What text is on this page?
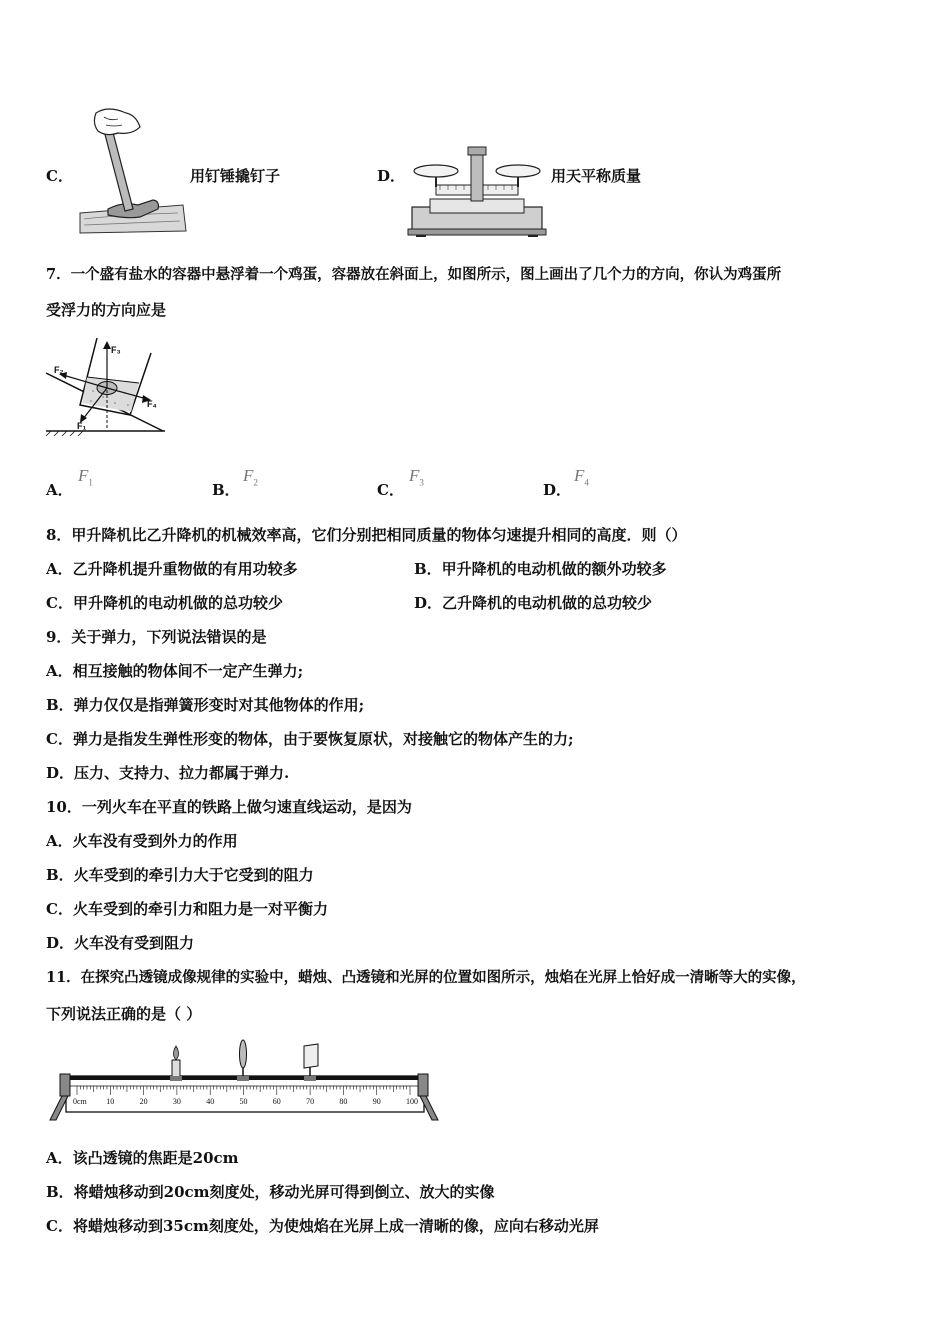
C．	用钉锤撬钉子	D．	用天平称质量
7．一个盛有盐水的容器中悬浮着一个鸡蛋，容器放在斜面上，如图所示，图上画出了几个力的方向，你认为鸡蛋所
受浮力的方向应是
F₃
F₂
F₄
F₁
A．
$F_1$	B．
$F_2$	C．
$F_3$	D．
$F_4$
8．甲升降机比乙升降机的机械效率高，它们分别把相同质量的物体匀速提升相同的高度．则（）
A．乙升降机提升重物做的有用功较多	B．甲升降机的电动机做的额外功较多
C．甲升降机的电动机做的总功较少	D．乙升降机的电动机做的总功较少
9．关于弹力，下列说法错误的是
A．相互接触的物体间不一定产生弹力;
B．弹力仅仅是指弹簧形变时对其他物体的作用;
C．弹力是指发生弹性形变的物体，由于要恢复原状，对接触它的物体产生的力;
D．压力、支持力、拉力都属于弹力.
10．一列火车在平直的铁路上做匀速直线运动，是因为
A．火车没有受到外力的作用
B．火车受到的牵引力大于它受到的阻力
C．火车受到的牵引力和阻力是一对平衡力
D．火车没有受到阻力
11．在探究凸透镜成像规律的实验中，蜡烛、凸透镜和光屏的位置如图所示，烛焰在光屏上恰好成一清晰等大的实像，
下列说法正确的是（ ）
0cm 10	20	30	40	50	60	70	80	90	100
A．该凸透镜的焦距是20cm
B．将蜡烛移动到20cm刻度处，移动光屏可得到倒立、放大的实像
C．将蜡烛移动到35cm刻度处，为使烛焰在光屏上成一清晰的像，应向右移动光屏
